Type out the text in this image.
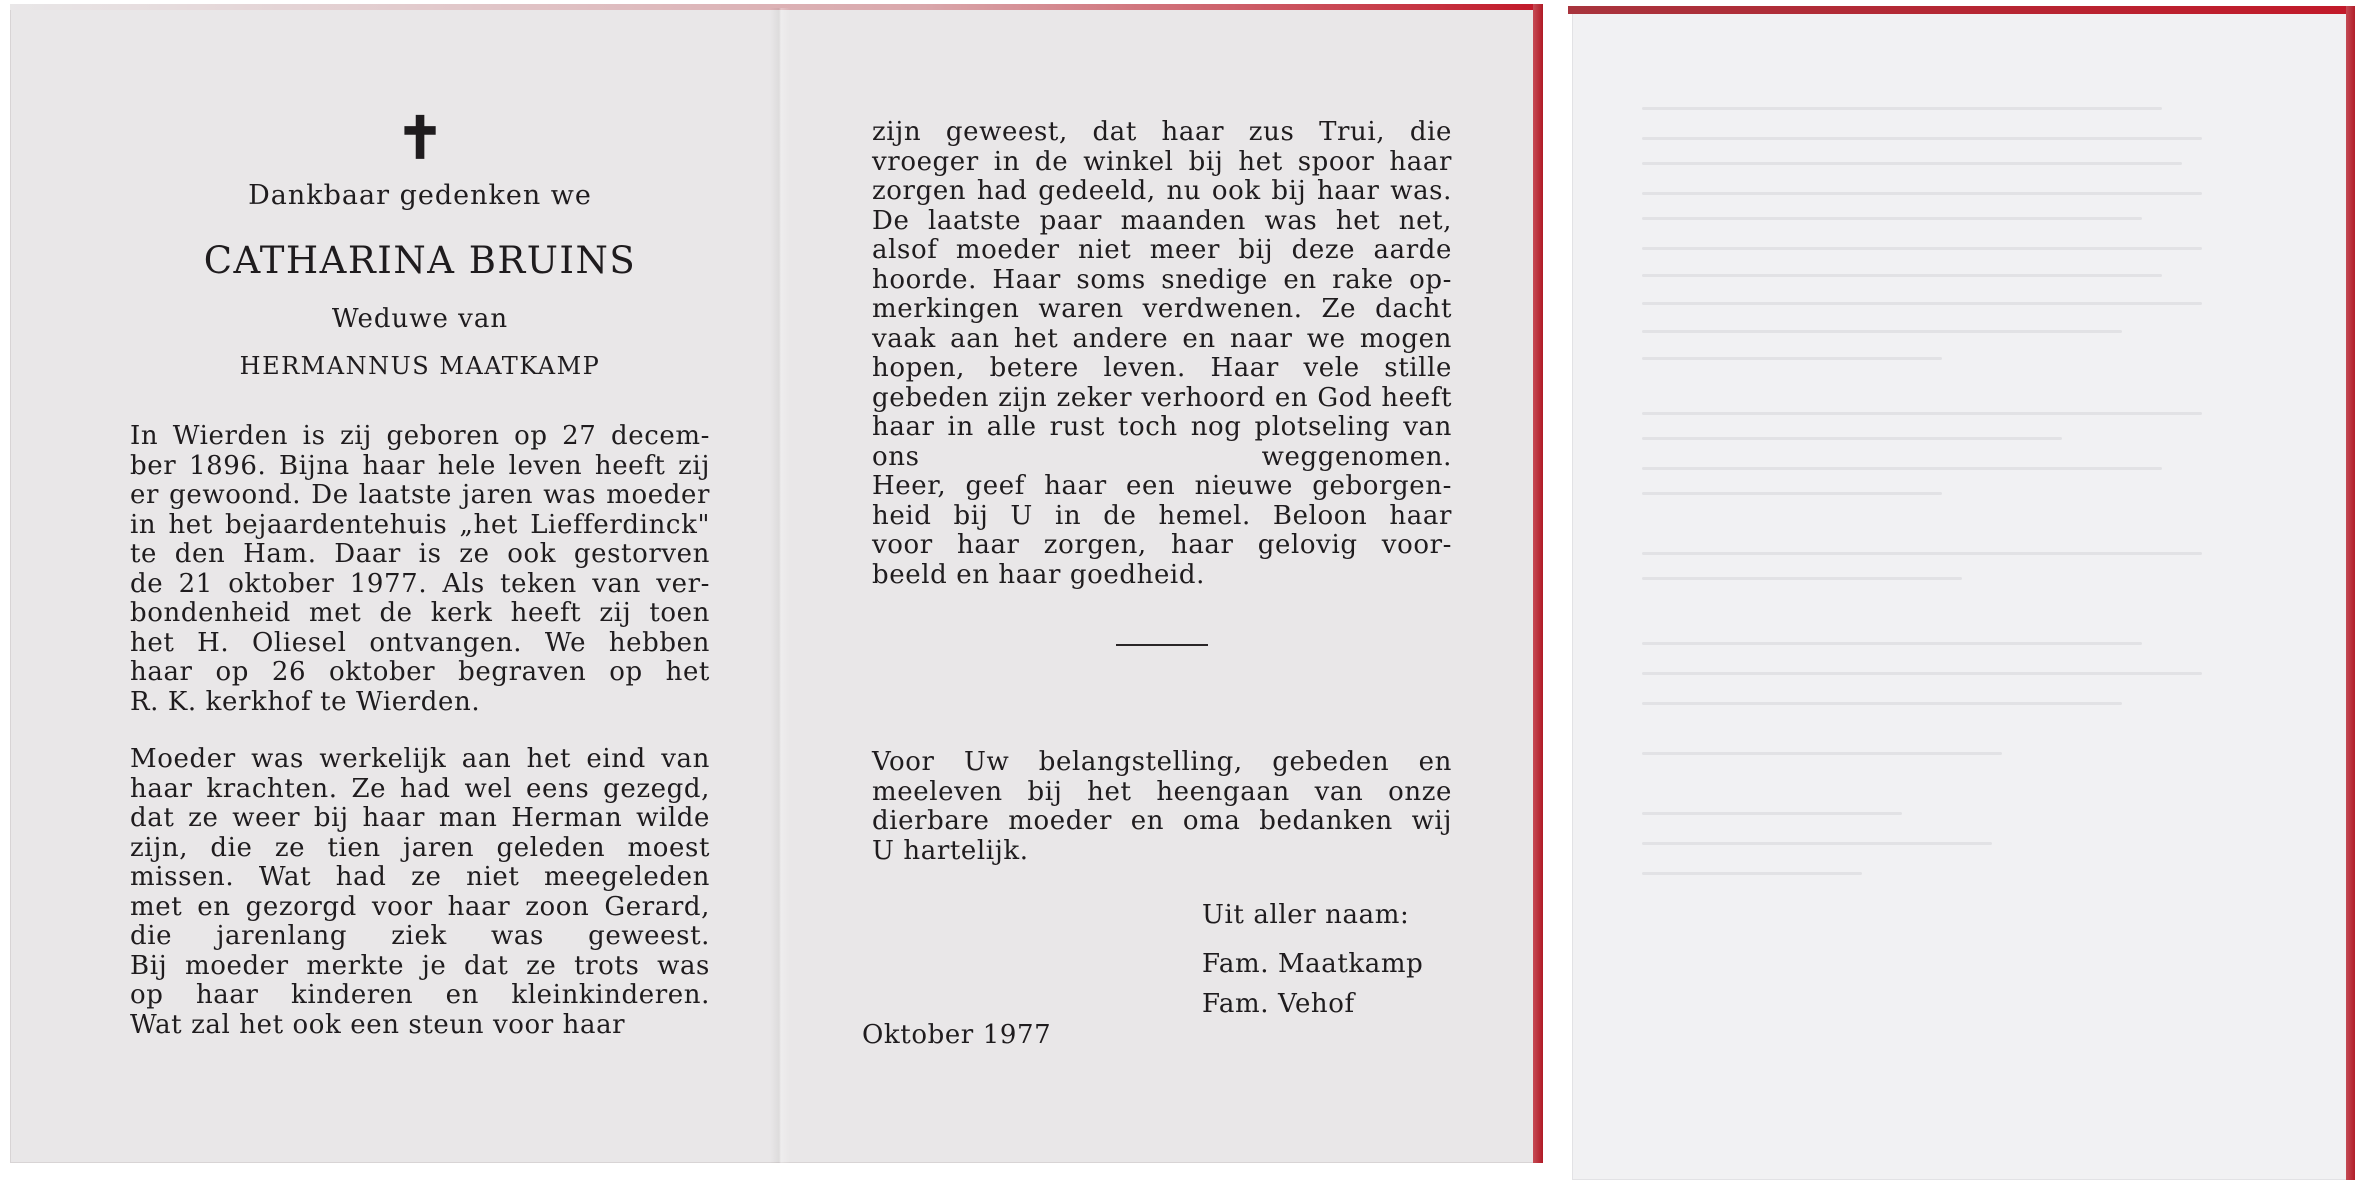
✝
Dankbaar gedenken we
CATHARINA BRUINS
Weduwe van
HERMANNUS MAATKAMP
In Wierden is zij geboren op 27 decem-
ber 1896. Bijna haar hele leven heeft zij
er gewoond. De laatste jaren was moeder
in het bejaardentehuis „het Liefferdinck"
te den Ham. Daar is ze ook gestorven
de 21 oktober 1977. Als teken van ver-
bondenheid met de kerk heeft zij toen
het H. Oliesel ontvangen. We hebben
haar op 26 oktober begraven op het
R. K. kerkhof te Wierden.
Moeder was werkelijk aan het eind van
haar krachten. Ze had wel eens gezegd,
dat ze weer bij haar man Herman wilde
zijn, die ze tien jaren geleden moest
missen. Wat had ze niet meegeleden
met en gezorgd voor haar zoon Gerard,
die jarenlang ziek was geweest.
Bij moeder merkte je dat ze trots was
op haar kinderen en kleinkinderen.
Wat zal het ook een steun voor haar
zijn geweest, dat haar zus Trui, die
vroeger in de winkel bij het spoor haar
zorgen had gedeeld, nu ook bij haar was.
De laatste paar maanden was het net,
alsof moeder niet meer bij deze aarde
hoorde. Haar soms snedige en rake op-
merkingen waren verdwenen. Ze dacht
vaak aan het andere en naar we mogen
hopen, betere leven. Haar vele stille
gebeden zijn zeker verhoord en God heeft
haar in alle rust toch nog plotseling van
ons weggenomen.
Heer, geef haar een nieuwe geborgen-
heid bij U in de hemel. Beloon haar
voor haar zorgen, haar gelovig voor-
beeld en haar goedheid.
Voor Uw belangstelling, gebeden en
meeleven bij het heengaan van onze
dierbare moeder en oma bedanken wij
U hartelijk.
Uit aller naam:
Fam. Maatkamp
Fam. Vehof
Oktober 1977
